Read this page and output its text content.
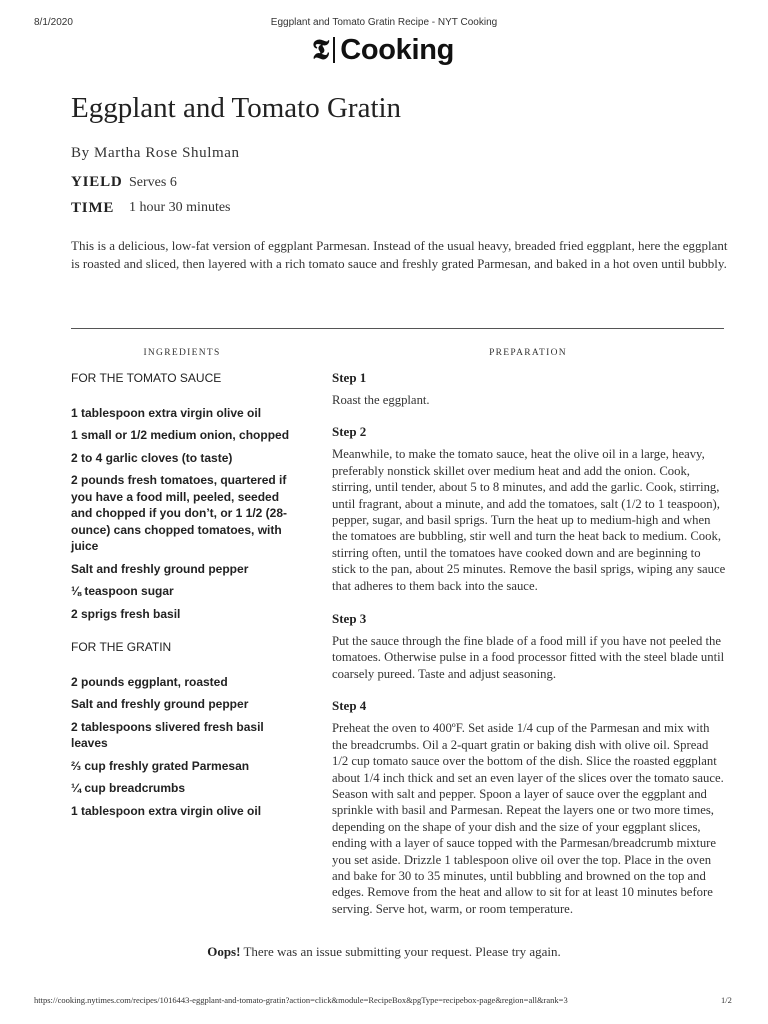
8/1/2020	Eggplant and Tomato Gratin Recipe - NYT Cooking
𝕿 Cooking
Eggplant and Tomato Gratin
By Martha Rose Shulman
YIELD Serves 6
TIME 1 hour 30 minutes

This is a delicious, low-fat version of eggplant Parmesan. Instead of the usual heavy, breaded fried eggplant, here the eggplant is roasted and sliced, then layered with a rich tomato sauce and freshly grated Parmesan, and baked in a hot oven until bubbly.

INGREDIENTS

FOR THE TOMATO SAUCE

1 tablespoon extra virgin olive oil

1 small or 1/2 medium onion, chopped

2 to 4 garlic cloves (to taste)

2 pounds fresh tomatoes, quartered if you have a food mill, peeled, seeded and chopped if you don’t, or 1 1/2 (28-ounce) cans chopped tomatoes, with juice

Salt and freshly ground pepper

⅛ teaspoon sugar

2 sprigs fresh basil

FOR THE GRATIN

2 pounds eggplant, roasted

Salt and freshly ground pepper

2 tablespoons slivered fresh basil leaves

⅔ cup freshly grated Parmesan

¼ cup breadcrumbs

1 tablespoon extra virgin olive oil

PREPARATION

Step 1

Roast the eggplant.

Step 2

Meanwhile, to make the tomato sauce, heat the olive oil in a large, heavy, preferably nonstick skillet over medium heat and add the onion. Cook, stirring, until tender, about 5 to 8 minutes, and add the garlic. Cook, stirring, until fragrant, about a minute, and add the tomatoes, salt (1/2 to 1 teaspoon), pepper, sugar, and basil sprigs. Turn the heat up to medium-high and when the tomatoes are bubbling, stir well and turn the heat back to medium. Cook, stirring often, until the tomatoes have cooked down and are beginning to stick to the pan, about 25 minutes. Remove the basil sprigs, wiping any sauce that adheres to them back into the sauce.

Step 3

Put the sauce through the fine blade of a food mill if you have not peeled the tomatoes. Otherwise pulse in a food processor fitted with the steel blade until coarsely pureed. Taste and adjust seasoning.

Step 4

Preheat the oven to 400ºF. Set aside 1/4 cup of the Parmesan and mix with the breadcrumbs. Oil a 2-quart gratin or baking dish with olive oil. Spread 1/2 cup tomato sauce over the bottom of the dish. Slice the roasted eggplant about 1/4 inch thick and set an even layer of the slices over the tomato sauce. Season with salt and pepper. Spoon a layer of sauce over the eggplant and sprinkle with basil and Parmesan. Repeat the layers one or two more times, depending on the shape of your dish and the size of your eggplant slices, ending with a layer of sauce topped with the Parmesan/breadcrumb mixture you set aside. Drizzle 1 tablespoon olive oil over the top. Place in the oven and bake for 30 to 35 minutes, until bubbling and browned on the top and edges. Remove from the heat and allow to sit for at least 10 minutes before serving. Serve hot, warm, or room temperature.

Oops! There was an issue submitting your request. Please try again.
https://cooking.nytimes.com/recipes/1016443-eggplant-and-tomato-gratin?action=click&module=RecipeBox&pgType=recipebox-page&region=all&rank=3	1/2
